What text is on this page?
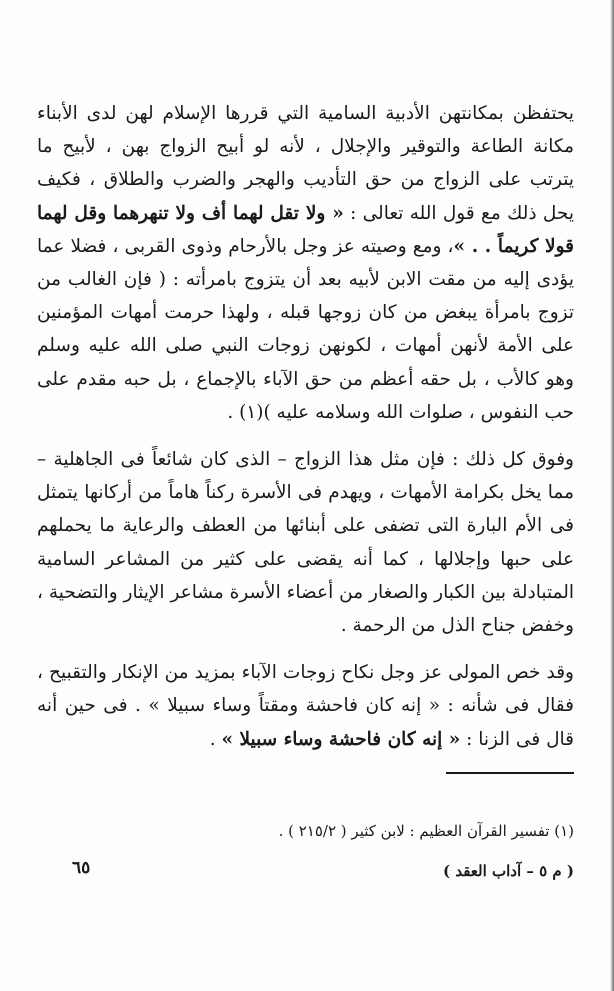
يحتفظن بمكانتهن الأدبية السامية التي قررها الإسلام لهن لدى الأبناء مكانة الطاعة والتوقير والإجلال ، لأنه لو أبيح الزواج بهن ، لأبيح ما يترتب على الزواج من حق التأديب والهجر والضرب والطلاق ، فكيف يحل ذلك مع قول الله تعالى : « ولا تقل لهما أف ولا تنهرهما وقل لهما قولا كريماً . . »، ومع وصيته عز وجل بالأرحام وذوى القربى ، فضلا عما يؤدى إليه من مقت الابن لأبيه بعد أن يتزوج بامرأته : ( فإن الغالب من تزوج بامرأة يبغض من كان زوجها قبله ، ولهذا حرمت أمهات المؤمنين على الأمة لأنهن أمهات ، لكونهن زوجات النبي صلى الله عليه وسلم وهو كالأب ، بل حقه أعظم من حق الآباء بالإجماع ، بل حبه مقدم على حب النفوس ، صلوات الله وسلامه عليه )(١) .

وفوق كل ذلك : فإن مثل هذا الزواج – الذى كان شائعاً فى الجاهلية – مما يخل بكرامة الأمهات ، ويهدم فى الأسرة ركناً هاماً من أركانها يتمثل فى الأم البارة التى تضفى على أبنائها من العطف والرعاية ما يحملهم على حبها وإجلالها ، كما أنه يقضى على كثير من المشاعر السامية المتبادلة بين الكبار والصغار من أعضاء الأسرة مشاعر الإيثار والتضحية ، وخفض جناح الذل من الرحمة .

وقد خص المولى عز وجل نكاح زوجات الآباء بمزيد من الإنكار والتقبيح ، فقال فى شأنه : « إنه كان فاحشة ومقتاً وساء سبيلا » . فى حين أنه قال فى الزنا : « إنه كان فاحشة وساء سبيلا » .

(١) تفسير القرآن العظيم : لابن كثير ( ٢١٥/٢ ) .

٦٥	( م ٥ – آداب العقد )
